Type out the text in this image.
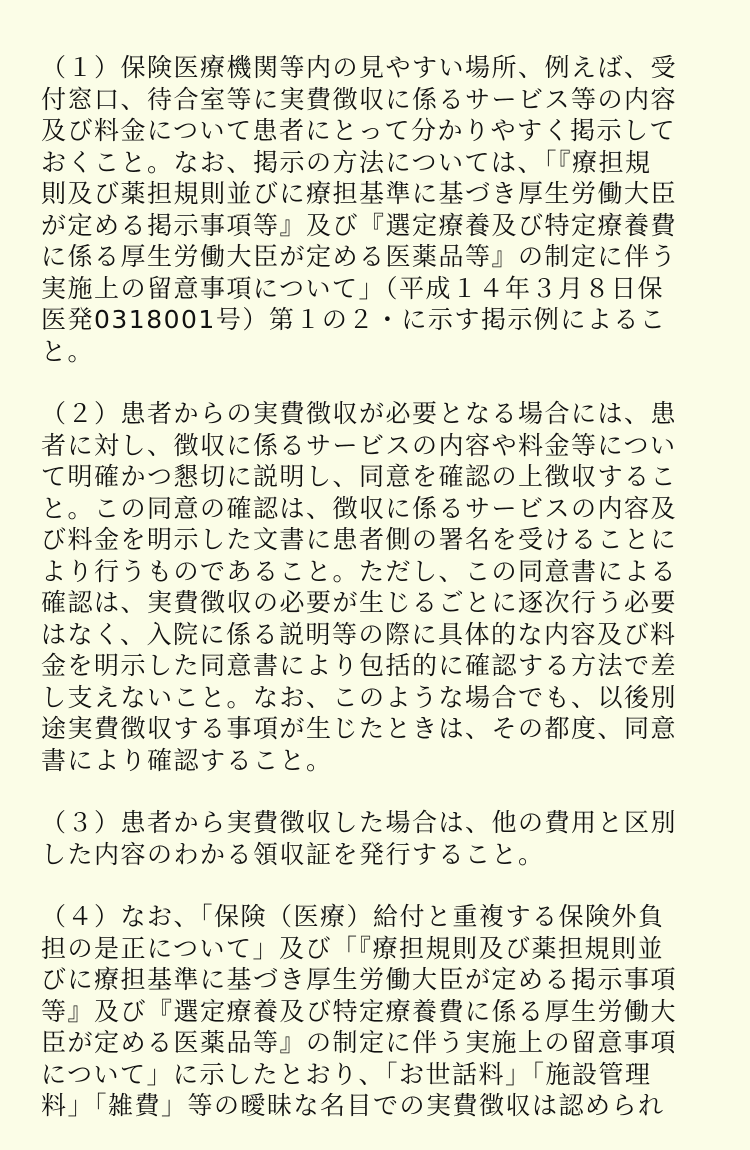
（１）保険医療機関等内の見やすい場所、例えば、受
付窓口、待合室等に実費徴収に係るサービス等の内容
及び料金について患者にとって分かりやすく掲示して
おくこと。なお、掲示の方法については、「『療担規
則及び薬担規則並びに療担基準に基づき厚生労働大臣
が定める掲示事項等』及び『選定療養及び特定療養費
に係る厚生労働大臣が定める医薬品等』の制定に伴う
実施上の留意事項について」（平成１４年３月８日保
医発0318001号）第１の２・に示す掲示例によるこ
と。
（２）患者からの実費徴収が必要となる場合には、患
者に対し、徴収に係るサービスの内容や料金等につい
て明確かつ懇切に説明し、同意を確認の上徴収するこ
と。この同意の確認は、徴収に係るサービスの内容及
び料金を明示した文書に患者側の署名を受けることに
より行うものであること。ただし、この同意書による
確認は、実費徴収の必要が生じるごとに逐次行う必要
はなく、入院に係る説明等の際に具体的な内容及び料
金を明示した同意書により包括的に確認する方法で差
し支えないこと。なお、このような場合でも、以後別
途実費徴収する事項が生じたときは、その都度、同意
書により確認すること。
（３）患者から実費徴収した場合は、他の費用と区別
した内容のわかる領収証を発行すること。
（４）なお、「保険（医療）給付と重複する保険外負
担の是正について」及び「『療担規則及び薬担規則並
びに療担基準に基づき厚生労働大臣が定める掲示事項
等』及び『選定療養及び特定療養費に係る厚生労働大
臣が定める医薬品等』の制定に伴う実施上の留意事項
について」に示したとおり、「お世話料」「施設管理
料」「雑費」等の曖昧な名目での実費徴収は認められ
